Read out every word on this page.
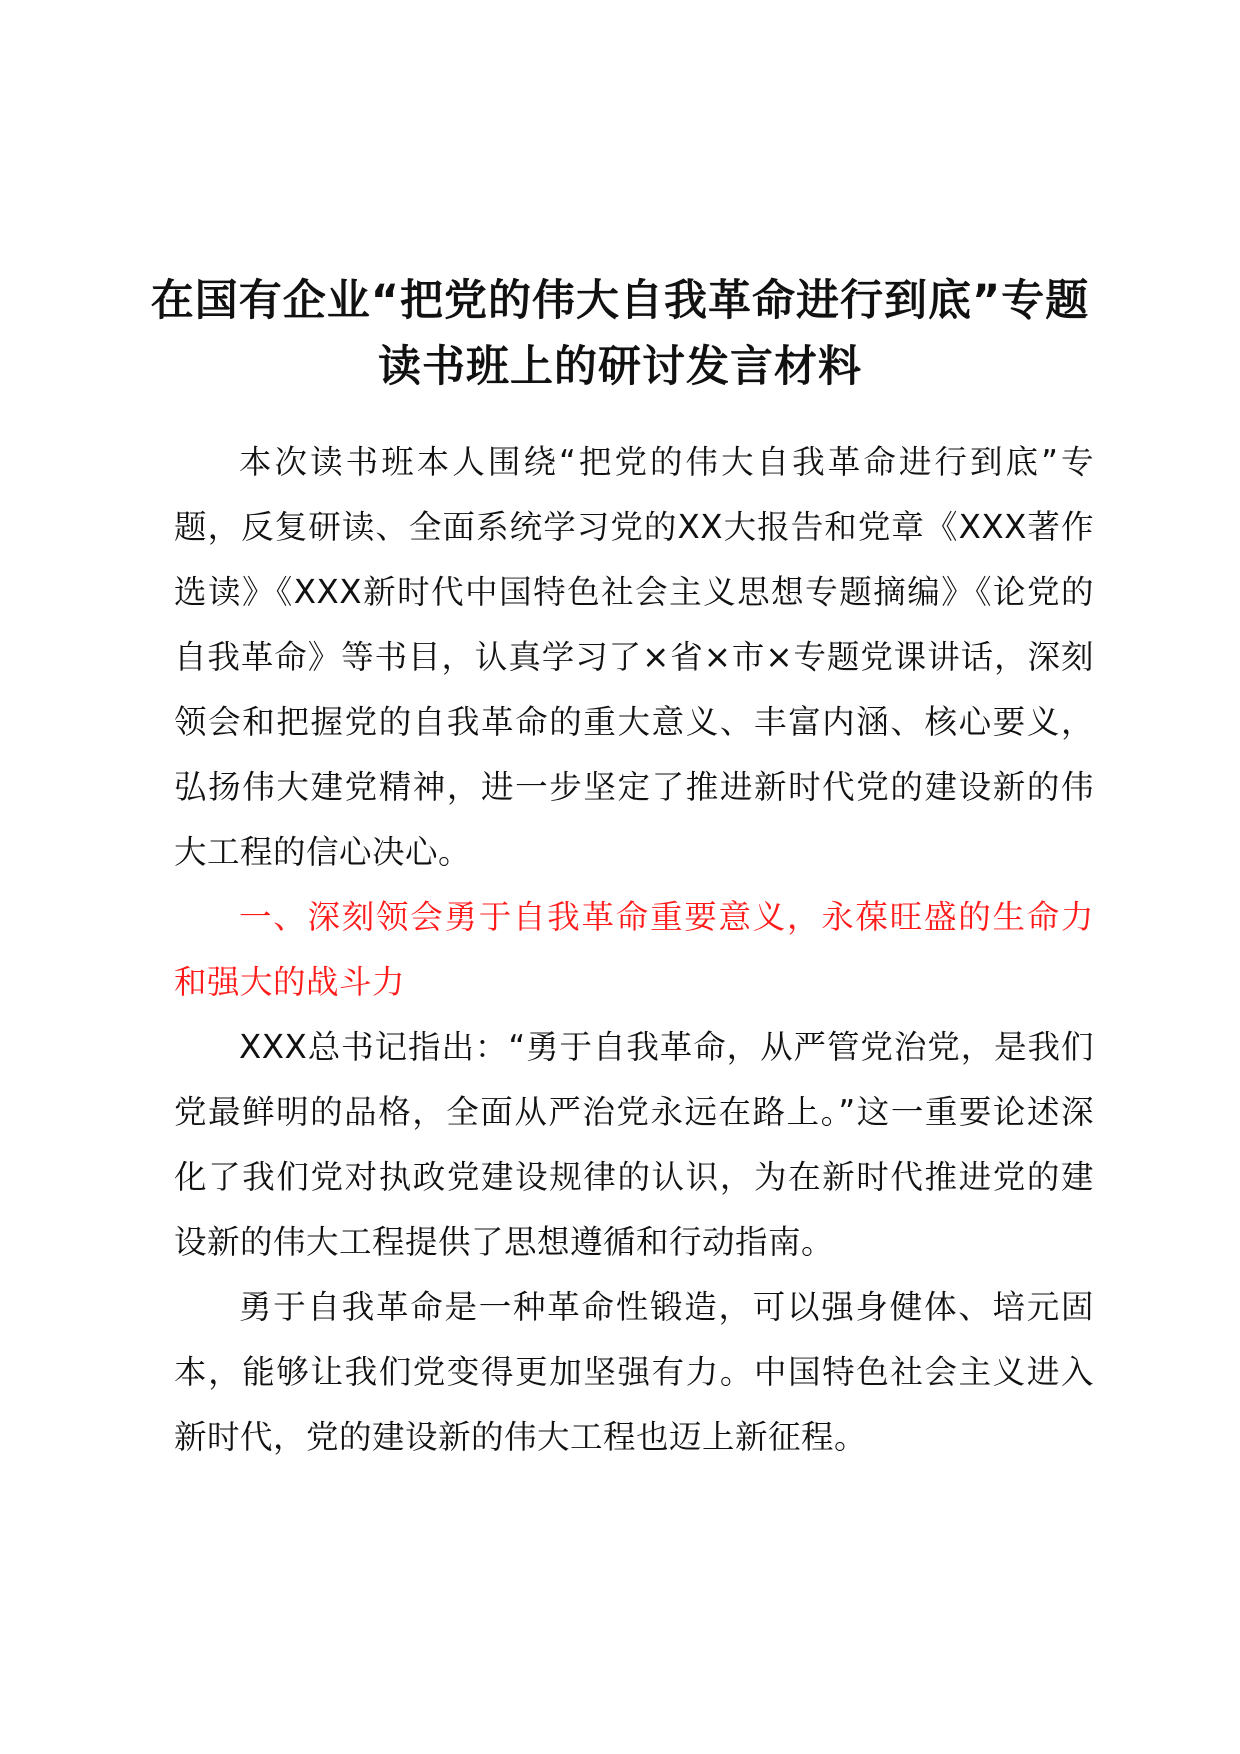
在国有企业“把党的伟大自我革命进行到底”专题读书班上的研讨发言材料

本次读书班本人围绕“把党的伟大自我革命进行到底”专题，反复研读、全面系统学习党的XX大报告和党章《XXX著作选读》《XXX新时代中国特色社会主义思想专题摘编》《论党的自我革命》等书目，认真学习了×省×市×专题党课讲话，深刻领会和把握党的自我革命的重大意义、丰富内涵、核心要义，弘扬伟大建党精神，进一步坚定了推进新时代党的建设新的伟大工程的信心决心。

一、深刻领会勇于自我革命重要意义，永葆旺盛的生命力和强大的战斗力

XXX总书记指出：“勇于自我革命，从严管党治党，是我们党最鲜明的品格，全面从严治党永远在路上。”这一重要论述深化了我们党对执政党建设规律的认识，为在新时代推进党的建设新的伟大工程提供了思想遵循和行动指南。

勇于自我革命是一种革命性锻造，可以强身健体、培元固本，能够让我们党变得更加坚强有力。中国特色社会主义进入新时代，党的建设新的伟大工程也迈上新征程。
